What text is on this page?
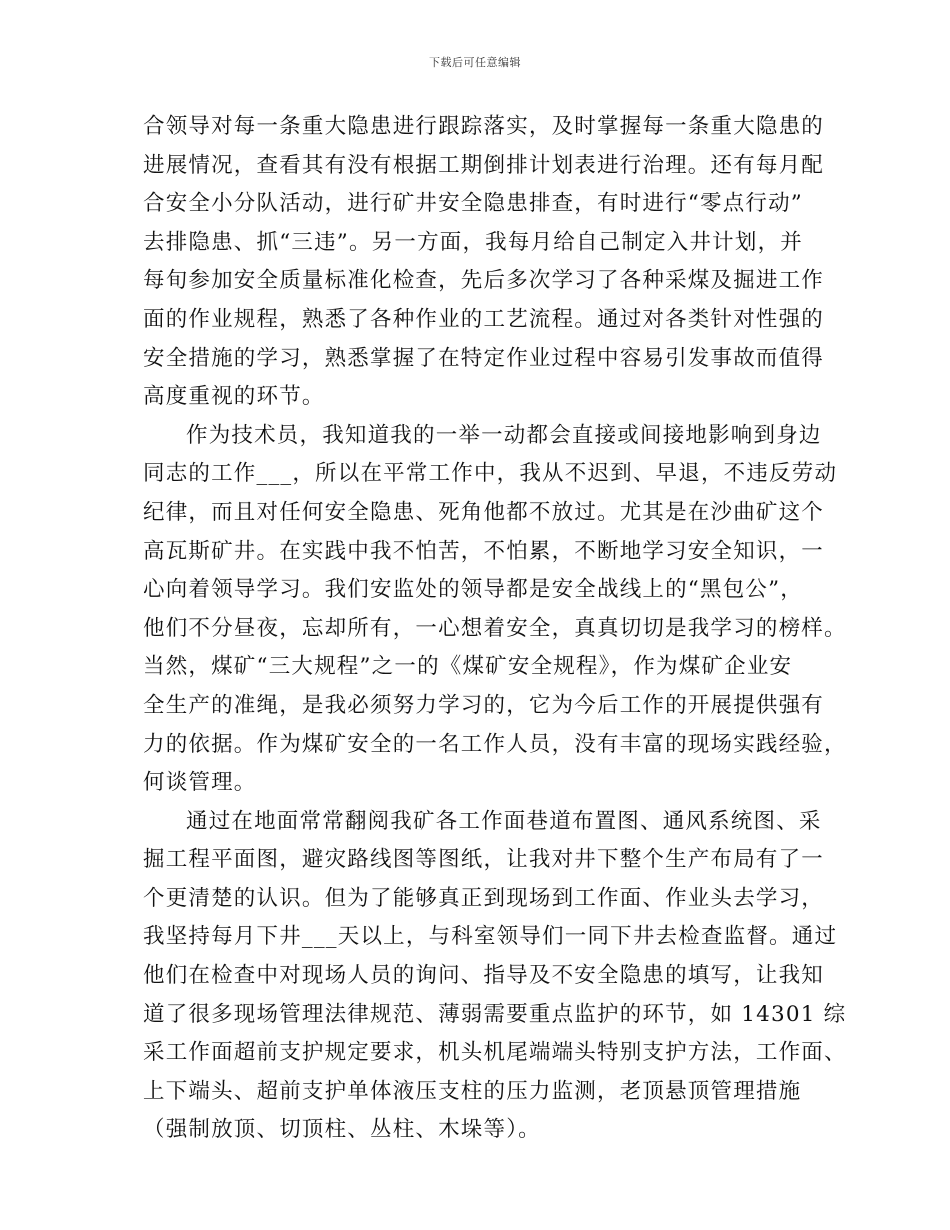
下载后可任意编辑

合领导对每一条重大隐患进行跟踪落实，及时掌握每一条重大隐患的
进展情况，查看其有没有根据工期倒排计划表进行治理。还有每月配
合安全小分队活动，进行矿井安全隐患排查，有时进行“零点行动”
去排隐患、抓“三违”。另一方面，我每月给自己制定入井计划，并
每旬参加安全质量标准化检查，先后多次学习了各种采煤及掘进工作
面的作业规程，熟悉了各种作业的工艺流程。通过对各类针对性强的
安全措施的学习，熟悉掌握了在特定作业过程中容易引发事故而值得
高度重视的环节。

作为技术员，我知道我的一举一动都会直接或间接地影响到身边
同志的工作___，所以在平常工作中，我从不迟到、早退，不违反劳动
纪律，而且对任何安全隐患、死角他都不放过。尤其是在沙曲矿这个
高瓦斯矿井。在实践中我不怕苦，不怕累，不断地学习安全知识，一
心向着领导学习。我们安监处的领导都是安全战线上的“黑包公”，
他们不分昼夜，忘却所有，一心想着安全，真真切切是我学习的榜样。
当然，煤矿“三大规程”之一的《煤矿安全规程》，作为煤矿企业安
全生产的准绳，是我必须努力学习的，它为今后工作的开展提供强有
力的依据。作为煤矿安全的一名工作人员，没有丰富的现场实践经验，
何谈管理。

通过在地面常常翻阅我矿各工作面巷道布置图、通风系统图、采
掘工程平面图，避灾路线图等图纸，让我对井下整个生产布局有了一
个更清楚的认识。但为了能够真正到现场到工作面、作业头去学习，
我坚持每月下井___天以上，与科室领导们一同下井去检查监督。通过
他们在检查中对现场人员的询问、指导及不安全隐患的填写，让我知
道了很多现场管理法律规范、薄弱需要重点监护的环节，如 14301 综
采工作面超前支护规定要求，机头机尾端端头特别支护方法，工作面、
上下端头、超前支护单体液压支柱的压力监测，老顶悬顶管理措施
（强制放顶、切顶柱、丛柱、木垛等）。
